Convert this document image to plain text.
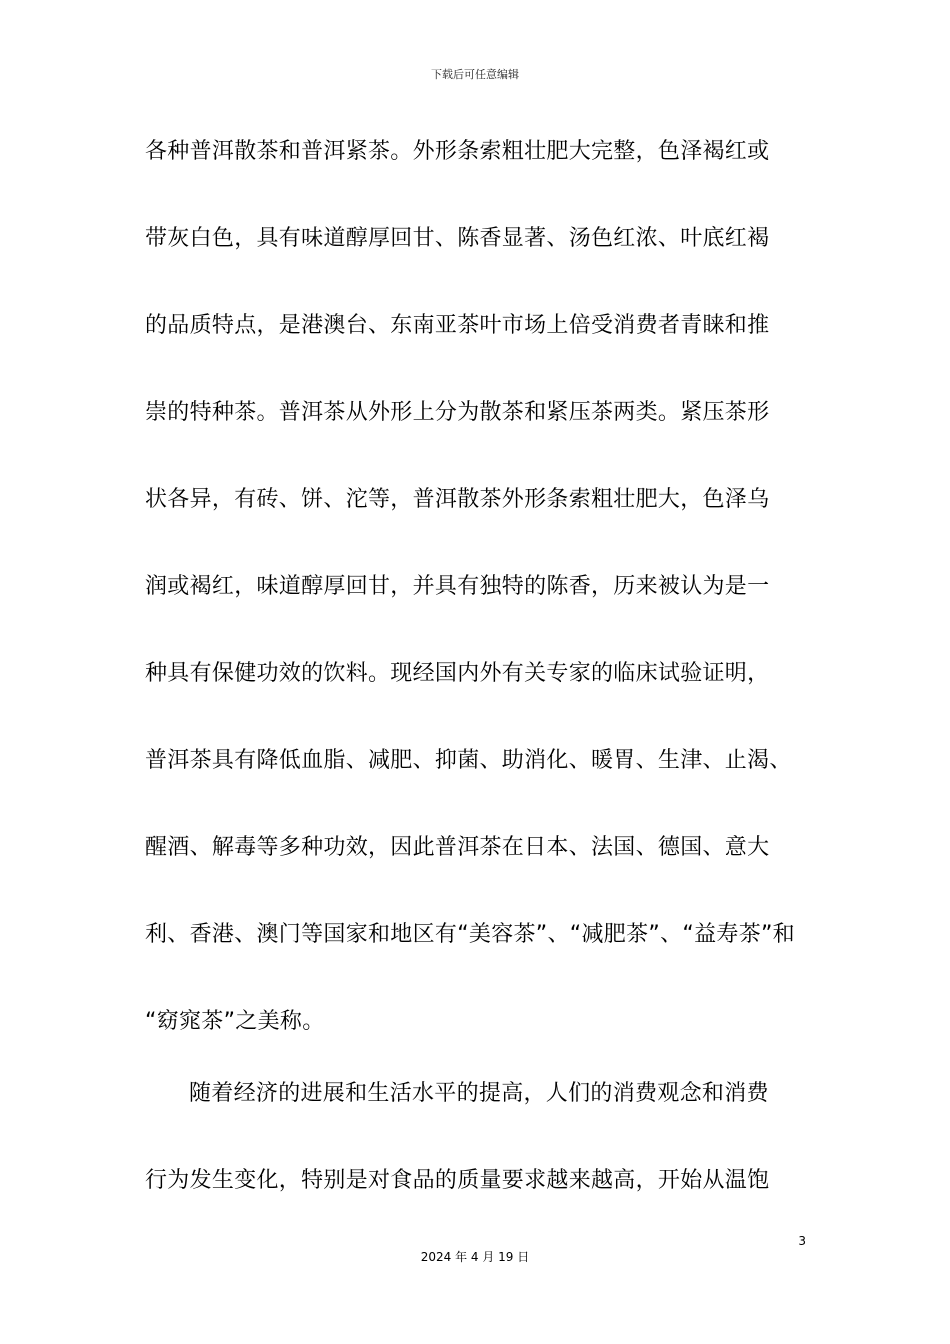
下载后可任意编辑
各种普洱散茶和普洱紧茶。外形条索粗壮肥大完整，色泽褐红或
带灰白色，具有味道醇厚回甘、陈香显著、汤色红浓、叶底红褐
的品质特点，是港澳台、东南亚茶叶市场上倍受消费者青睐和推
崇的特种茶。普洱茶从外形上分为散茶和紧压茶两类。紧压茶形
状各异，有砖、饼、沱等，普洱散茶外形条索粗壮肥大，色泽乌
润或褐红，味道醇厚回甘，并具有独特的陈香，历来被认为是一
种具有保健功效的饮料。现经国内外有关专家的临床试验证明，
普洱茶具有降低血脂、减肥、抑菌、助消化、暖胃、生津、止渴、
醒酒、解毒等多种功效，因此普洱茶在日本、法国、德国、意大
利、香港、澳门等国家和地区有“美容茶”、“减肥茶”、“益寿茶”和
“窈窕茶”之美称。
随着经济的进展和生活水平的提高，人们的消费观念和消费
行为发生变化，特别是对食品的质量要求越来越高，开始从温饱
3
2024 年 4 月 19 日
